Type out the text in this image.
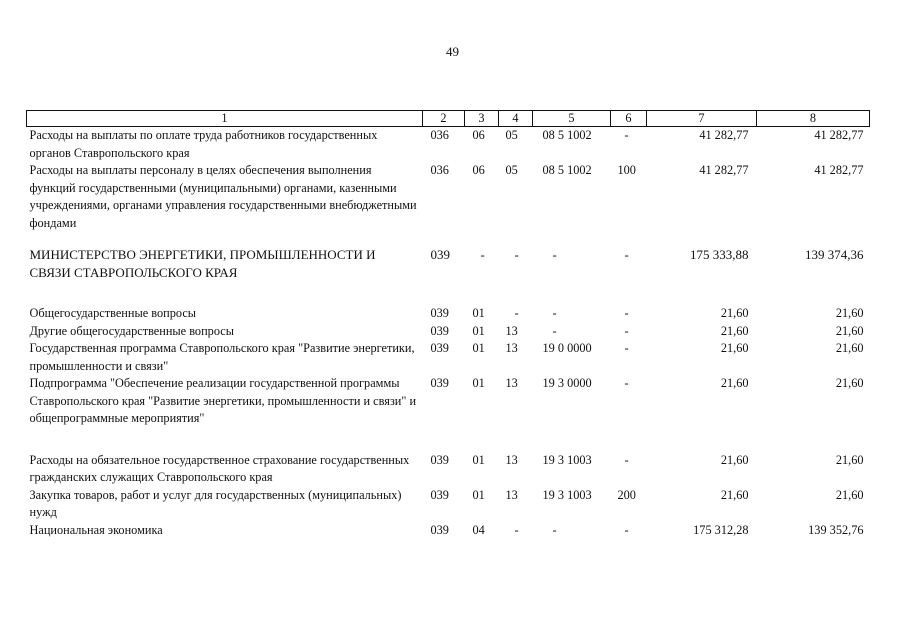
49
1	2	3	4	5	6	7	8
Расходы на выплаты по оплате труда работников государственных органов Ставропольского края	036	06	05	08 5 1002	-	41 282,77	41 282,77
Расходы на выплаты персоналу в целях обеспечения выполнения функций государственными (муниципальными) органами, казенными учреждениями, органами управления государственными внебюджетными фондами	036	06	05	08 5 1002	100	41 282,77	41 282,77

МИНИСТЕРСТВО ЭНЕРГЕТИКИ, ПРОМЫШЛЕННОСТИ И СВЯЗИ СТАВРОПОЛЬСКОГО КРАЯ	039	-	-	-	-	175 333,88	139 374,36

Общегосударственные вопросы	039	01	-	-	-	21,60	21,60
Другие общегосударственные вопросы	039	01	13	-	-	21,60	21,60
Государственная программа Ставропольского края "Развитие энергетики, промышленности и связи"	039	01	13	19 0 0000	-	21,60	21,60
Подпрограмма "Обеспечение реализации государственной программы Ставропольского края "Развитие энергетики, промышленности и связи" и общепрограммные мероприятия"	039	01	13	19 3 0000	-	21,60	21,60

Расходы на обязательное государственное страхование государственных гражданских служащих Ставропольского края	039	01	13	19 3 1003	-	21,60	21,60
Закупка товаров, работ и услуг для государственных (муниципальных) нужд	039	01	13	19 3 1003	200	21,60	21,60
Национальная экономика	039	04	-	-	-	175 312,28	139 352,76
